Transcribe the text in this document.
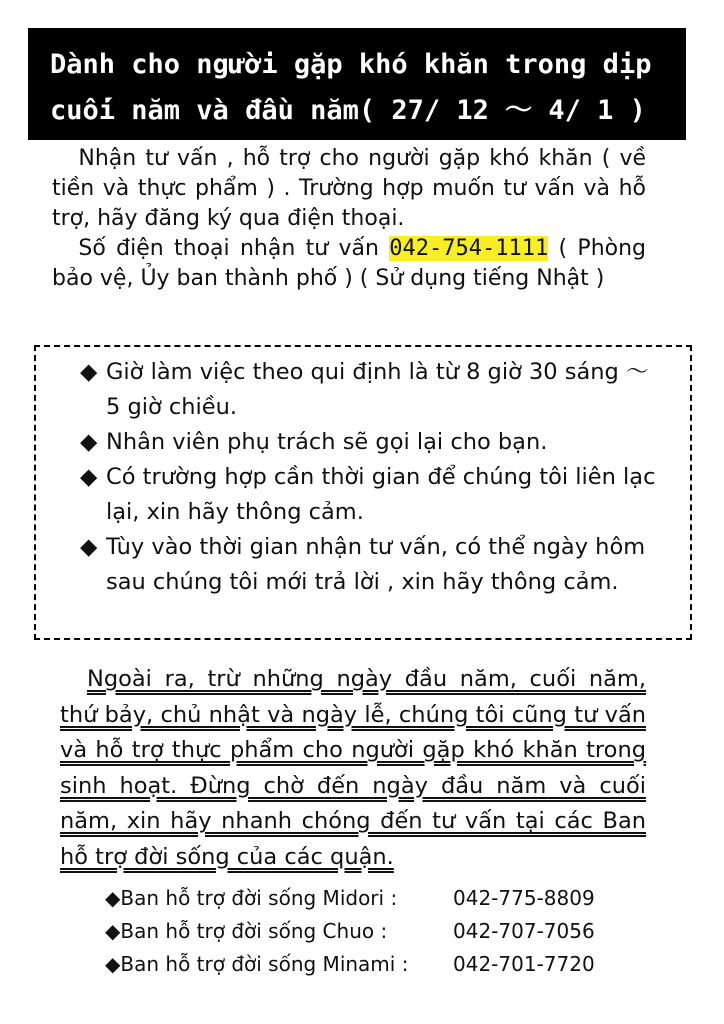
Dành cho người gặp khó khăn trong dịp
cuối năm và đầu năm( 27/ 12 ～ 4/ 1 )

Nhận tư vấn , hỗ trợ cho người gặp khó khăn ( về tiền và thực phẩm ) . Trường hợp muốn tư vấn và hỗ trợ, hãy đăng ký qua điện thoại.

Số điện thoại nhận tư vấn 042-754-1111 ( Phòng bảo vệ, Ủy ban thành phố ) ( Sử dụng tiếng Nhật )

◆ Giờ làm việc theo qui định là từ 8 giờ 30 sáng ～ 5 giờ chiều.
◆ Nhân viên phụ trách sẽ gọi lại cho bạn.
◆ Có trường hợp cần thời gian để chúng tôi liên lạc lại, xin hãy thông cảm.
◆ Tùy vào thời gian nhận tư vấn, có thể ngày hôm sau chúng tôi mới trả lời , xin hãy thông cảm.

Ngoài ra, trừ những ngày đầu năm, cuối năm, thứ bảy, chủ nhật và ngày lễ, chúng tôi cũng tư vấn và hỗ trợ thực phẩm cho người gặp khó khăn trong sinh hoạt. Đừng chờ đến ngày đầu năm và cuối năm, xin hãy nhanh chóng đến tư vấn tại các Ban hỗ trợ đời sống của các quận.

◆Ban hỗ trợ đời sống Midori :	042-775-8809
◆Ban hỗ trợ đời sống Chuo :	042-707-7056
◆Ban hỗ trợ đời sống Minami :	042-701-7720
